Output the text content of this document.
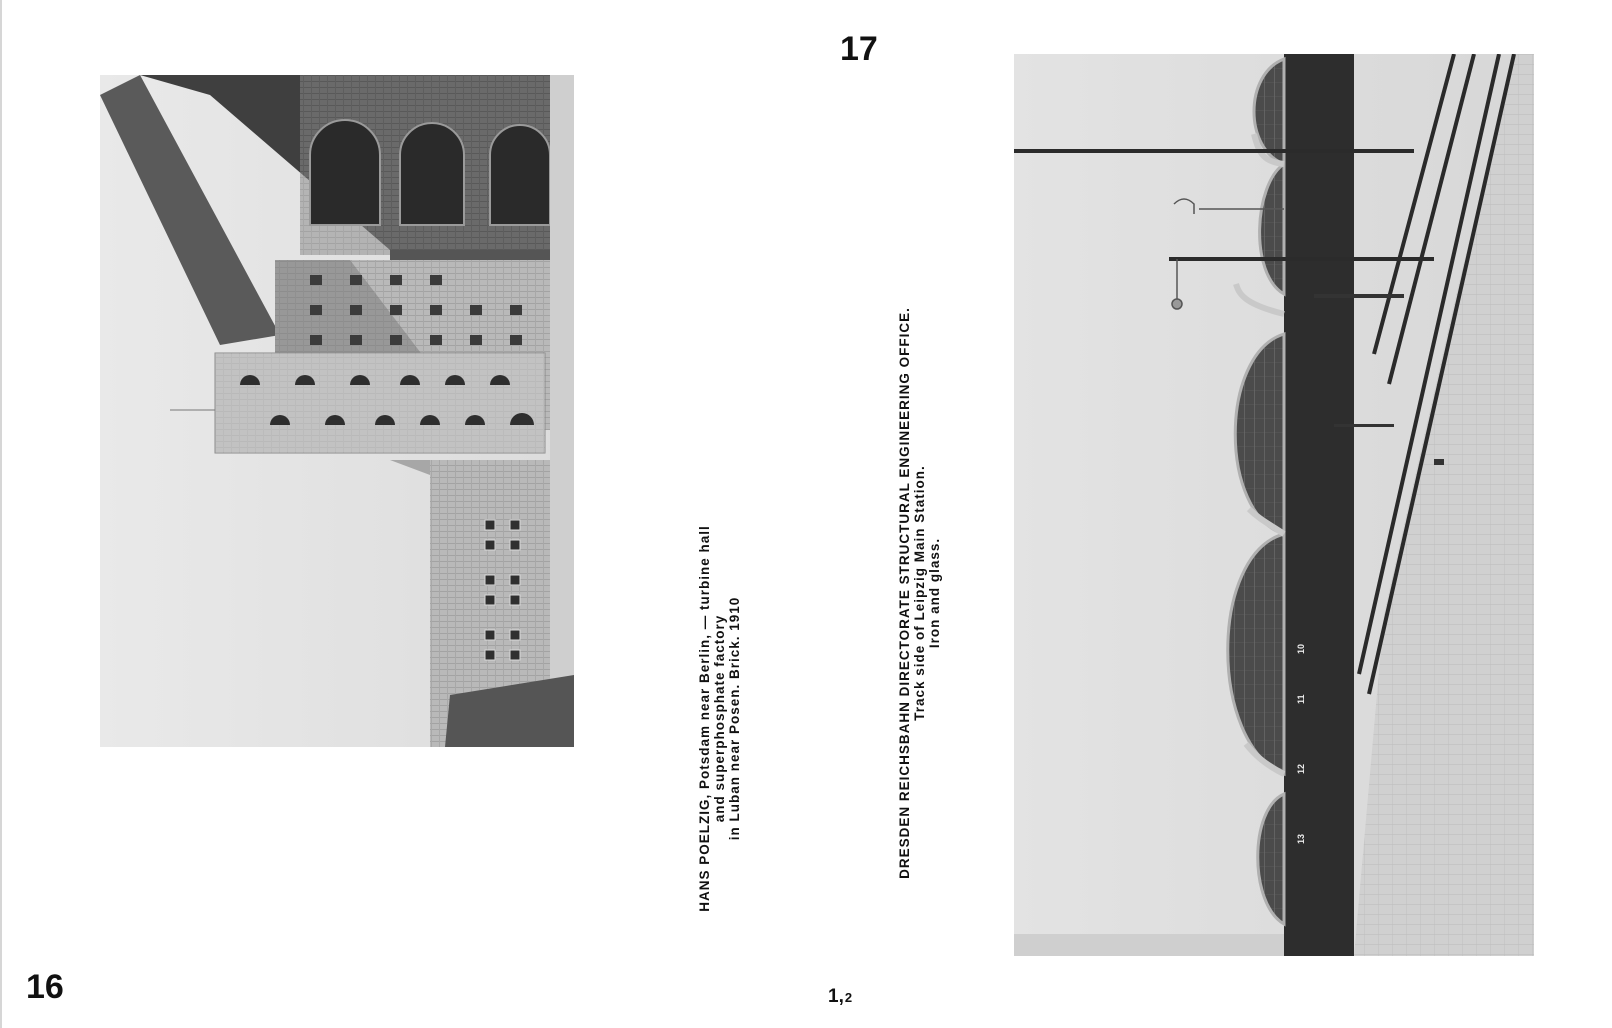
10
11
12
13
HANS POELZIG, Potsdam near Berlin, — turbine hall and superphosphate factory in Luban near Posen. Brick. 1910	DRESDEN REICHSBAHN DIRECTORATE STRUCTURAL ENGINEERING OFFICE. Track side of Leipzig Main Station. Iron and glass.
16
17
1,2
